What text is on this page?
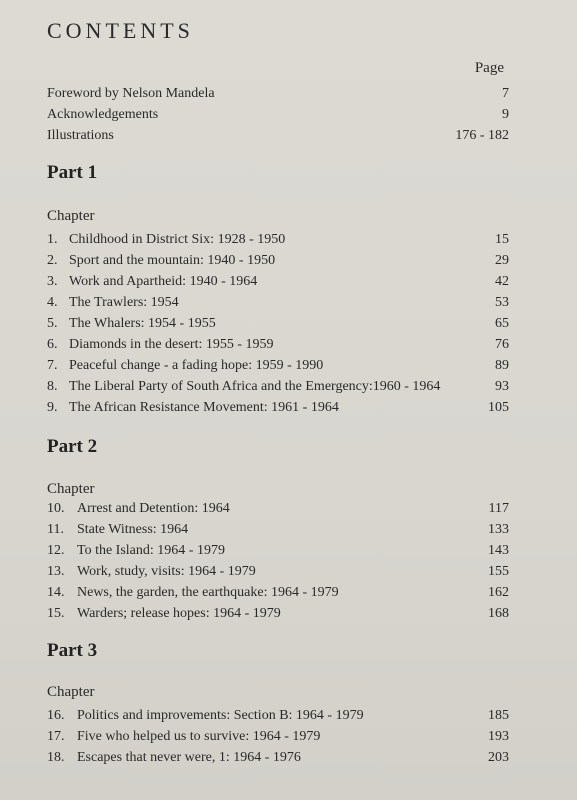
CONTENTS
Page
Foreword by Nelson Mandela	7
Acknowledgements	9
Illustrations	176 - 182
Part 1
Chapter
1. Childhood in District Six: 1928 - 1950	15
2. Sport and the mountain: 1940 - 1950	29
3. Work and Apartheid: 1940 - 1964	42
4. The Trawlers: 1954	53
5. The Whalers: 1954 - 1955	65
6. Diamonds in the desert: 1955 - 1959	76
7. Peaceful change - a fading hope: 1959 - 1990	89
8. The Liberal Party of South Africa and the Emergency:1960 - 1964	93
9. The African Resistance Movement: 1961 - 1964	105
Part 2
Chapter
10. Arrest and Detention: 1964	117
11. State Witness: 1964	133
12. To the Island: 1964 - 1979	143
13. Work, study, visits: 1964 - 1979	155
14. News, the garden, the earthquake: 1964 - 1979	162
15. Warders; release hopes: 1964 - 1979	168
Part 3
Chapter
16. Politics and improvements: Section B: 1964 - 1979	185
17. Five who helped us to survive: 1964 - 1979	193
18. Escapes that never were, 1: 1964 - 1976	203
